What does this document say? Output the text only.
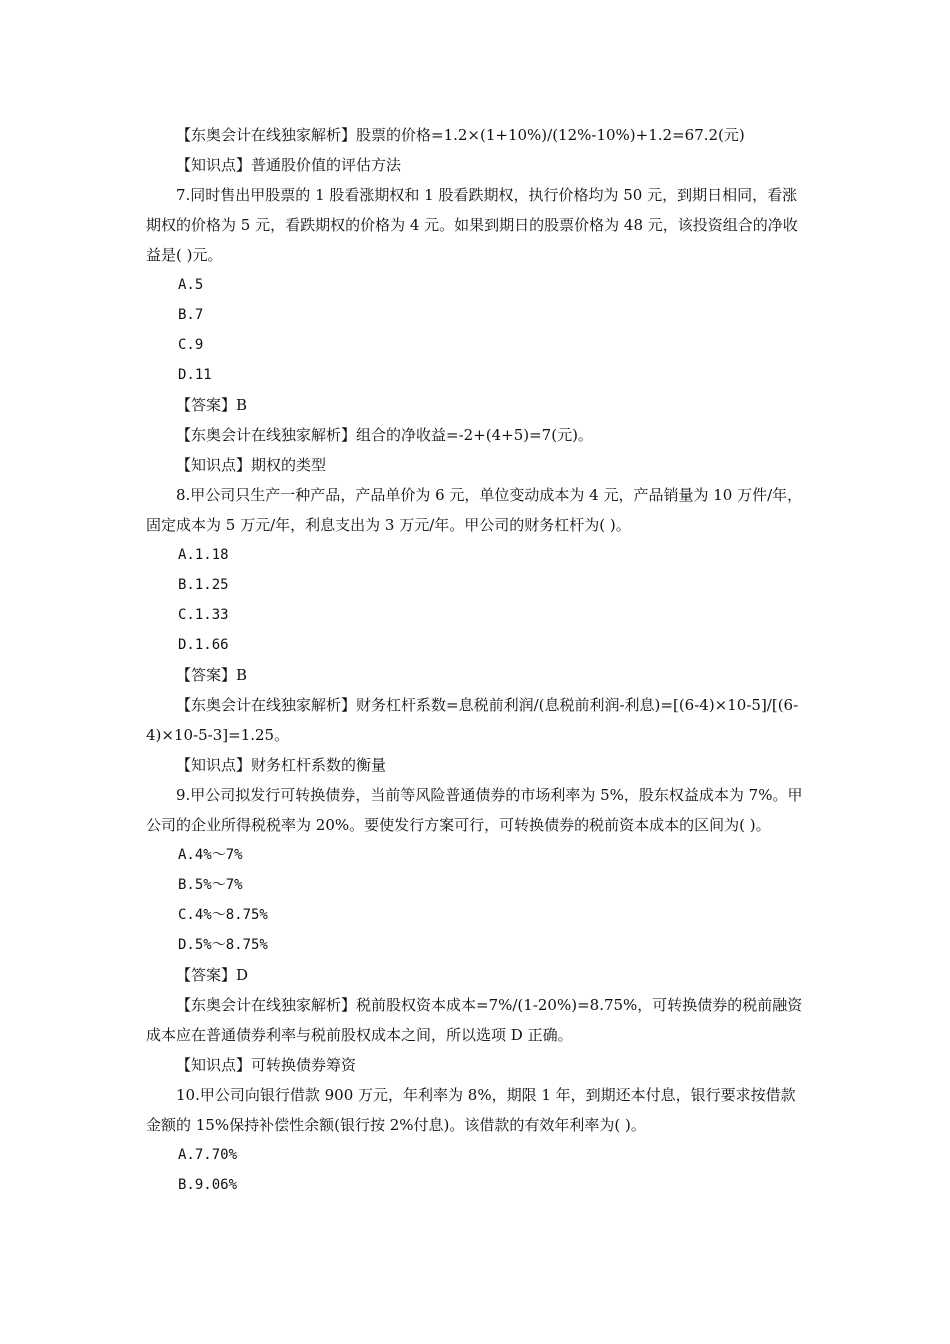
【东奥会计在线独家解析】股票的价格=1.2×(1+10%)/(12%-10%)+1.2=67.2(元)

【知识点】普通股价值的评估方法

7.同时售出甲股票的 1 股看涨期权和 1 股看跌期权，执行价格均为 50 元，到期日相同，看涨期权的价格为 5 元，看跌期权的价格为 4 元。如果到期日的股票价格为 48 元，该投资组合的净收益是( )元。

A.5

B.7

C.9

D.11

【答案】B

【东奥会计在线独家解析】组合的净收益=-2+(4+5)=7(元)。

【知识点】期权的类型

8.甲公司只生产一种产品，产品单价为 6 元，单位变动成本为 4 元，产品销量为 10 万件/年，固定成本为 5 万元/年，利息支出为 3 万元/年。甲公司的财务杠杆为( )。

A.1.18

B.1.25

C.1.33

D.1.66

【答案】B

【东奥会计在线独家解析】财务杠杆系数=息税前利润/(息税前利润-利息)=[(6-4)×10-5]/[(6-4)×10-5-3]=1.25。

【知识点】财务杠杆系数的衡量

9.甲公司拟发行可转换债券，当前等风险普通债券的市场利率为 5%，股东权益成本为 7%。甲公司的企业所得税税率为 20%。要使发行方案可行，可转换债券的税前资本成本的区间为( )。

A.4%～7%

B.5%～7%

C.4%～8.75%

D.5%～8.75%

【答案】D

【东奥会计在线独家解析】税前股权资本成本=7%/(1-20%)=8.75%，可转换债券的税前融资成本应在普通债券利率与税前股权成本之间，所以选项 D 正确。

【知识点】可转换债券筹资

10.甲公司向银行借款 900 万元，年利率为 8%，期限 1 年，到期还本付息，银行要求按借款金额的 15%保持补偿性余额(银行按 2%付息)。该借款的有效年利率为( )。

A.7.70%

B.9.06%
